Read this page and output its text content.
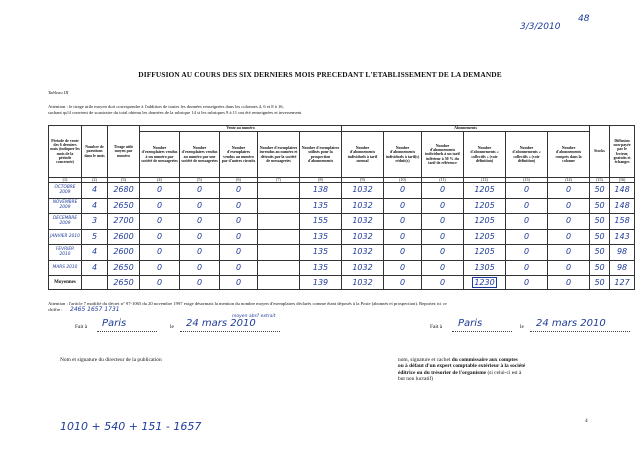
3/3/2010
48
DIFFUSION AU COURS DES SIX DERNIERS MOIS PRECEDANT L'ETABLISSEMENT DE LA DEMANDE
Tableau III
Attention : le tirage utile moyen doit correspondre à l'addition de toutes les données renseignées dans les colonnes 4, 6 et 8 à 16,
sachant qu'il convient de soustraire du total obtenu les données de la rubrique 14 si les rubriques 9 à 11 ont été renseignées et inversement
Période de vente des 6 derniers mois (indiquer les mois de la période concernée)	Nombre de parutions dans le mois	Tirage utile moyen par numéro	Vente au numéro					Abonnements						Stocks	Diffusion non-payée par le lecteur, gratuits et échanges
			Nombre d'exemplaires vendus à un numéro par société de messageries	Nombre d'exemplaires vendus au numéro par une société de messageries	Nombre d'exemplaires vendus au numéro par d'autres circuits	Nombre d'exemplaires invendus au numéro et détruits par la société de messageries	Nombre d'exemplaires utilisés pour la prospection d'abonnements	Nombre d'abonnements individuels à tarif normal	Nombre d'abonnements individuels à tarif(s) réduit(s)	Nombre d'abonnements individuels à un tarif inférieur à 50 % du tarif de référence	Nombre d'abonnements « collectifs » (voir définition)	Nombre d'abonnements « collectifs » (voir définition)	Nombre d'abonnements compris dans la colonne		
(1)	(2)	(3)	(4)	(5)	(6)	(7)	(8)	(9)	(10)	(11)	(12)	(13)	(14)	(15)	(16)
OCTOBRE 2009	4	2680	0	0	0		138	1032	0	0	1205	0	0	50	148
NOVEMBRE 2009	4	2650	0	0	0		135	1032	0	0	1205	0	0	50	148
DECEMBRE 2009	3	2700	0	0	0		155	1032	0	0	1205	0	0	50	158
JANVIER 2010	5	2600	0	0	0		135	1032	0	0	1205	0	0	50	143
FEVRIER 2010	4	2600	0	0	0		135	1032	0	0	1205	0	0	50	98
MARS 2010	4	2650	0	0	0		135	1032	0	0	1305	0	0	50	98
Moyennes		2650	0	0	0		139	1032	0	0	1230	0	0	50	127
Attention : l'article 7 modifié du décret n° 97-1065 du 20 novembre 1997 exige désormais la mention du nombre moyen d'exemplaires déclarés comme étant déposés à la Poste (abonnés et prospection). Reportez ici ce
chiffre : 2465 1657 1731
moyen abs? extrait
Fait à Paris	le 24 mars 2010	Fait à Paris	le 24 mars 2010
Nom et signature du directeur de la publication	nom, signature et cachet du commissaire aux comptes
ou à défaut d'un expert comptable extérieur à la société
éditrice ou du trésorier de l'organisme (si celui-ci est à
but non lucratif)
1010 + 540 + 151 - 1657	4
